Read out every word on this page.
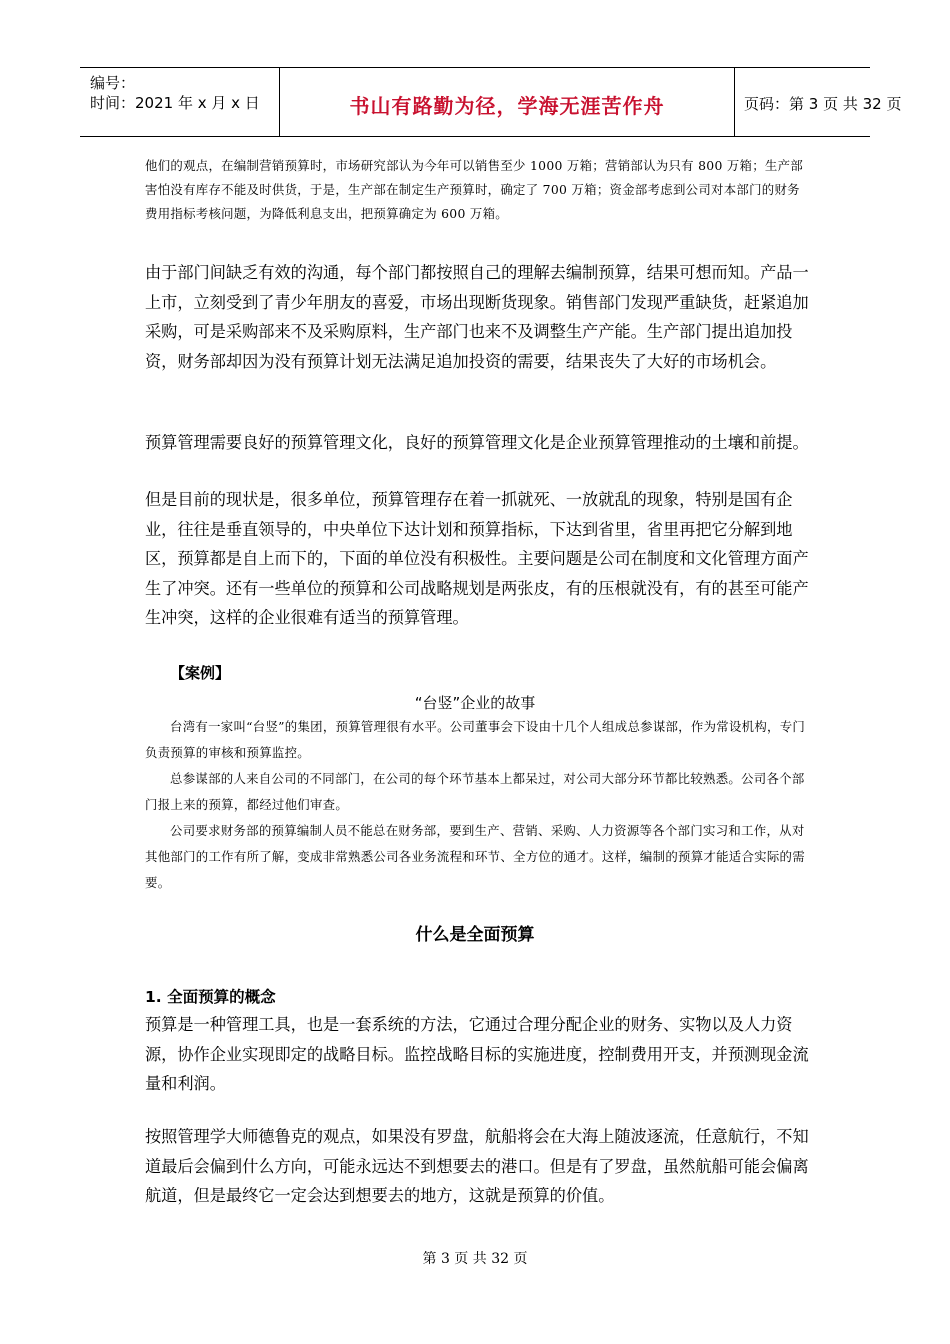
编号：
时间：2021 年 x 月 x 日	书山有路勤为径，学海无涯苦作舟	页码：第 3 页 共 32 页
他们的观点，在编制营销预算时，市场研究部认为今年可以销售至少 1000 万箱；营销部认为只有 800 万箱；生产部害怕没有库存不能及时供货，于是，生产部在制定生产预算时，确定了 700 万箱；资金部考虑到公司对本部门的财务费用指标考核问题，为降低利息支出，把预算确定为 600 万箱。
由于部门间缺乏有效的沟通，每个部门都按照自己的理解去编制预算，结果可想而知。产品一上市，立刻受到了青少年朋友的喜爱，市场出现断货现象。销售部门发现严重缺货，赶紧追加采购，可是采购部来不及采购原料，生产部门也来不及调整生产产能。生产部门提出追加投资，财务部却因为没有预算计划无法满足追加投资的需要，结果丧失了大好的市场机会。
预算管理需要良好的预算管理文化，良好的预算管理文化是企业预算管理推动的土壤和前提。
但是目前的现状是，很多单位，预算管理存在着一抓就死、一放就乱的现象，特别是国有企业，往往是垂直领导的，中央单位下达计划和预算指标，下达到省里，省里再把它分解到地区，预算都是自上而下的，下面的单位没有积极性。主要问题是公司在制度和文化管理方面产生了冲突。还有一些单位的预算和公司战略规划是两张皮，有的压根就没有，有的甚至可能产生冲突，这样的企业很难有适当的预算管理。
【案例】
“台竖”企业的故事
台湾有一家叫“台竖”的集团，预算管理很有水平。公司董事会下设由十几个人组成总参谋部，作为常设机构，专门负责预算的审核和预算监控。
总参谋部的人来自公司的不同部门，在公司的每个环节基本上都呆过，对公司大部分环节都比较熟悉。公司各个部门报上来的预算，都经过他们审查。
公司要求财务部的预算编制人员不能总在财务部，要到生产、营销、采购、人力资源等各个部门实习和工作，从对其他部门的工作有所了解，变成非常熟悉公司各业务流程和环节、全方位的通才。这样，编制的预算才能适合实际的需要。
什么是全面预算
1. 全面预算的概念
预算是一种管理工具，也是一套系统的方法，它通过合理分配企业的财务、实物以及人力资源，协作企业实现即定的战略目标。监控战略目标的实施进度，控制费用开支，并预测现金流量和利润。
按照管理学大师德鲁克的观点，如果没有罗盘，航船将会在大海上随波逐流，任意航行，不知道最后会偏到什么方向，可能永远达不到想要去的港口。但是有了罗盘，虽然航船可能会偏离航道，但是最终它一定会达到想要去的地方，这就是预算的价值。
第 3 页 共 32 页
